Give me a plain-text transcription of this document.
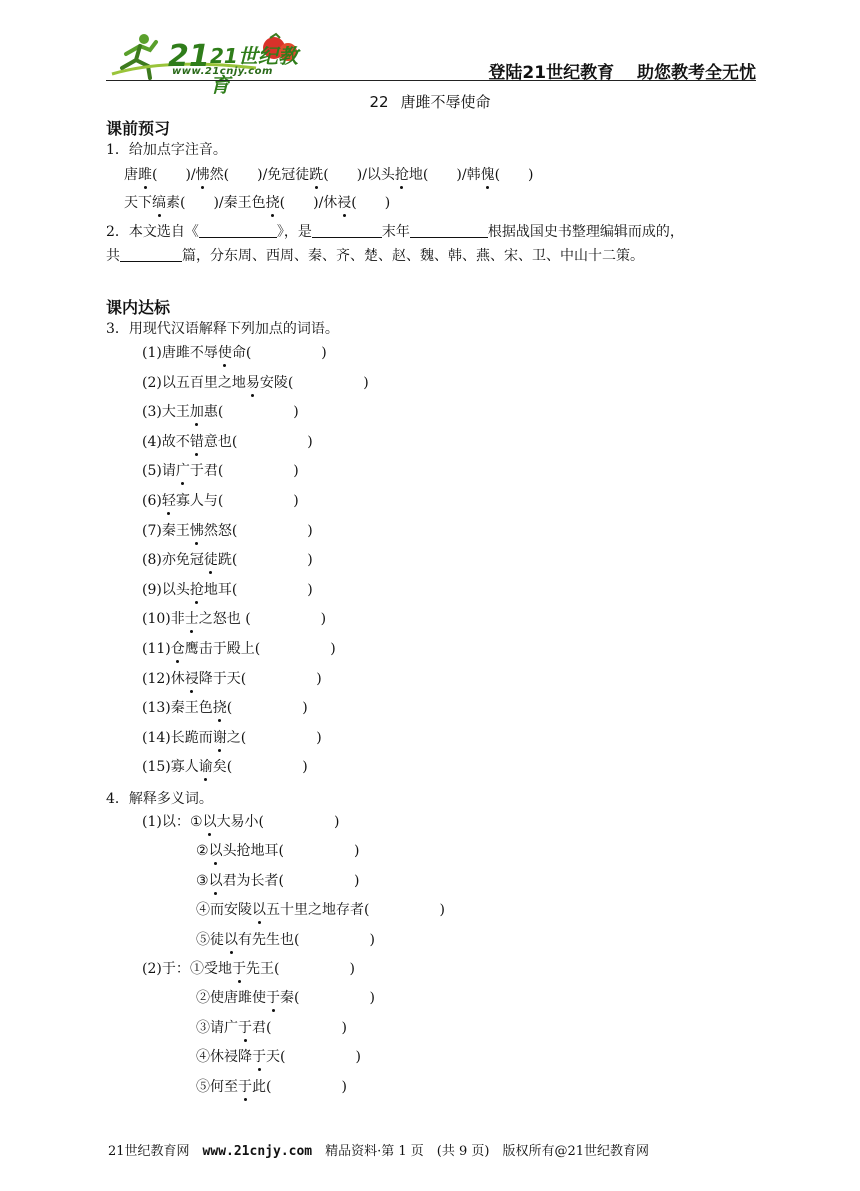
21 21世纪教育
www.21cnjy.com	登陆21世纪教育　 助您教考全无忧
22 唐雎不辱使命
课前预习
1．给加点字注音。
唐雎(　　)/怫然(　　)/免冠徒跣(　　)/以头抢地(　　)/韩傀(　　)
天下缟素(　　)/秦王色挠(　　)/休祲(　　)
2．本文选自《	》，是	末年	根据战国史书整理编辑而成的，
共	篇，分东周、西周、秦、齐、楚、赵、魏、韩、燕、宋、卫、中山十二策。
课内达标
3．用现代汉语解释下列加点的词语。
(1)唐雎不辱使命(　　　　　)
(2)以五百里之地易安陵(　　　　　)
(3)大王加惠(　　　　　)
(4)故不错意也(　　　　　)
(5)请广于君(　　　　　)
(6)轻寡人与(　　　　　)
(7)秦王怫然怒(　　　　　)
(8)亦免冠徒跣(　　　　　)
(9)以头抢地耳(　　　　　)
(10)非士之怒也 (　　　　　)
(11)仓鹰击于殿上(　　　　　)
(12)休祲降于天(　　　　　)
(13)秦王色挠(　　　　　)
(14)长跪而谢之(　　　　　)
(15)寡人谕矣(　　　　　)
4．解释多义词。
(1)以：
(2)于：
①以大易小(　　　　　)
②以头抢地耳(　　　　　)
③以君为长者(　　　　　)
④而安陵以五十里之地存者(　　　　　)
⑤徒以有先生也(　　　　　)
①受地于先王(　　　　　)
②使唐雎使于秦(　　　　　)
③请广于君(　　　　　)
④休祲降于天(　　　　　)
⑤何至于此(　　　　　)
21世纪教育网　www.21cnjy.com　精品资料·第 1 页　(共 9 页)　版权所有@21世纪教育网
